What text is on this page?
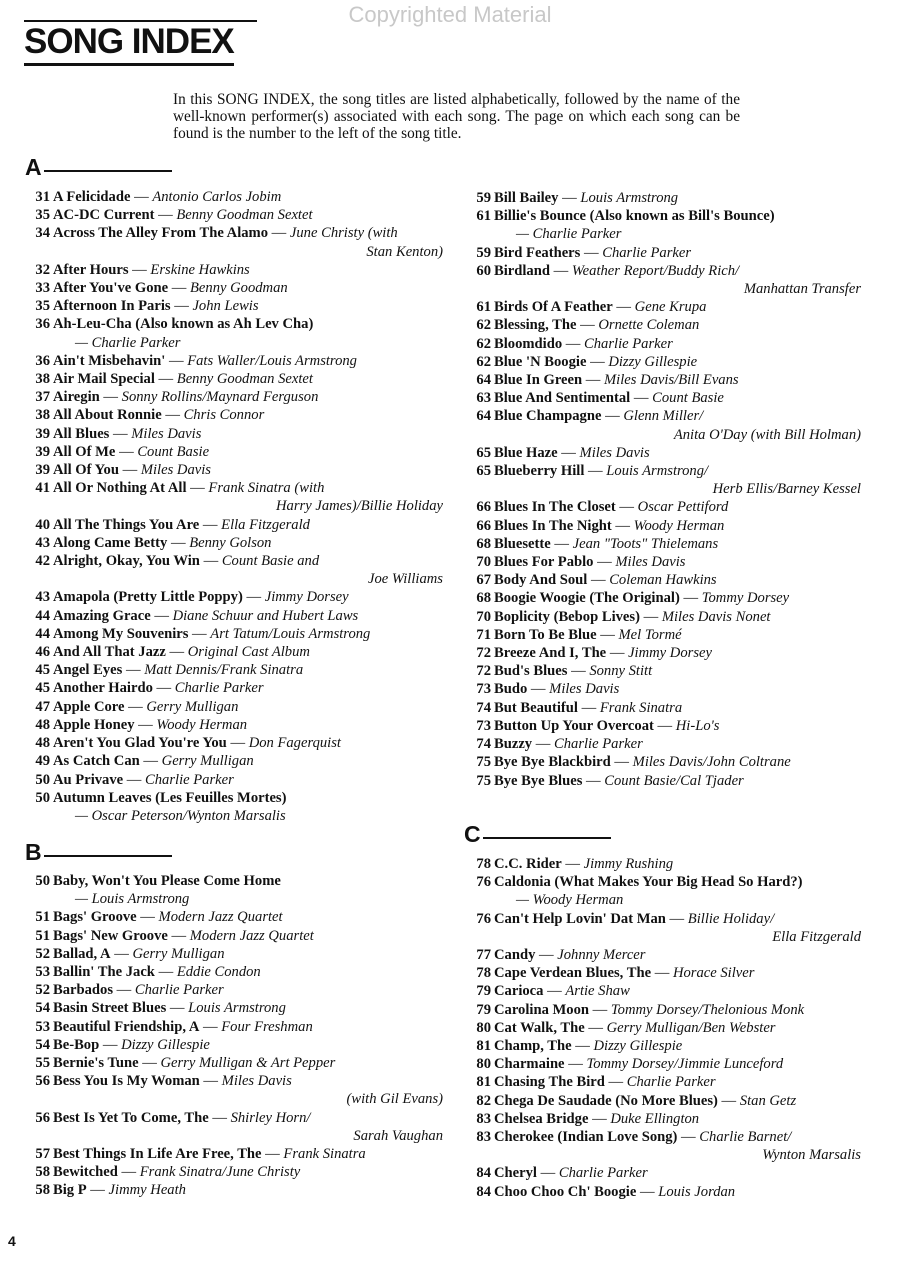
Copyrighted Material
SONG INDEX
In this SONG INDEX, the song titles are listed alphabetically, followed by the name of the well-known performer(s) associated with each song. The page on which each song can be found is the number to the left of the song title.
A
31 A Felicidade — Antonio Carlos Jobim
35 AC-DC Current — Benny Goodman Sextet
34 Across The Alley From The Alamo — June Christy (with
Stan Kenton)
32 After Hours — Erskine Hawkins
33 After You've Gone — Benny Goodman
35 Afternoon In Paris — John Lewis
36 Ah-Leu-Cha (Also known as Ah Lev Cha)
— Charlie Parker
36 Ain't Misbehavin' — Fats Waller/Louis Armstrong
38 Air Mail Special — Benny Goodman Sextet
37 Airegin — Sonny Rollins/Maynard Ferguson
38 All About Ronnie — Chris Connor
39 All Blues — Miles Davis
39 All Of Me — Count Basie
39 All Of You — Miles Davis
41 All Or Nothing At All — Frank Sinatra (with
Harry James)/Billie Holiday
40 All The Things You Are — Ella Fitzgerald
43 Along Came Betty — Benny Golson
42 Alright, Okay, You Win — Count Basie and
Joe Williams
43 Amapola (Pretty Little Poppy) — Jimmy Dorsey
44 Amazing Grace — Diane Schuur and Hubert Laws
44 Among My Souvenirs — Art Tatum/Louis Armstrong
46 And All That Jazz — Original Cast Album
45 Angel Eyes — Matt Dennis/Frank Sinatra
45 Another Hairdo — Charlie Parker
47 Apple Core — Gerry Mulligan
48 Apple Honey — Woody Herman
48 Aren't You Glad You're You — Don Fagerquist
49 As Catch Can — Gerry Mulligan
50 Au Privave — Charlie Parker
50 Autumn Leaves (Les Feuilles Mortes)
— Oscar Peterson/Wynton Marsalis
B
50 Baby, Won't You Please Come Home
— Louis Armstrong
51 Bags' Groove — Modern Jazz Quartet
51 Bags' New Groove — Modern Jazz Quartet
52 Ballad, A — Gerry Mulligan
53 Ballin' The Jack — Eddie Condon
52 Barbados — Charlie Parker
54 Basin Street Blues — Louis Armstrong
53 Beautiful Friendship, A — Four Freshman
54 Be-Bop — Dizzy Gillespie
55 Bernie's Tune — Gerry Mulligan & Art Pepper
56 Bess You Is My Woman — Miles Davis
(with Gil Evans)
56 Best Is Yet To Come, The — Shirley Horn/
Sarah Vaughan
57 Best Things In Life Are Free, The — Frank Sinatra
58 Bewitched — Frank Sinatra/June Christy
58 Big P — Jimmy Heath
59 Bill Bailey — Louis Armstrong
61 Billie's Bounce (Also known as Bill's Bounce)
— Charlie Parker
59 Bird Feathers — Charlie Parker
60 Birdland — Weather Report/Buddy Rich/
Manhattan Transfer
61 Birds Of A Feather — Gene Krupa
62 Blessing, The — Ornette Coleman
62 Bloomdido — Charlie Parker
62 Blue 'N Boogie — Dizzy Gillespie
64 Blue In Green — Miles Davis/Bill Evans
63 Blue And Sentimental — Count Basie
64 Blue Champagne — Glenn Miller/
Anita O'Day (with Bill Holman)
65 Blue Haze — Miles Davis
65 Blueberry Hill — Louis Armstrong/
Herb Ellis/Barney Kessel
66 Blues In The Closet — Oscar Pettiford
66 Blues In The Night — Woody Herman
68 Bluesette — Jean "Toots" Thielemans
70 Blues For Pablo — Miles Davis
67 Body And Soul — Coleman Hawkins
68 Boogie Woogie (The Original) — Tommy Dorsey
70 Boplicity (Bebop Lives) — Miles Davis Nonet
71 Born To Be Blue — Mel Tormé
72 Breeze And I, The — Jimmy Dorsey
72 Bud's Blues — Sonny Stitt
73 Budo — Miles Davis
74 But Beautiful — Frank Sinatra
73 Button Up Your Overcoat — Hi-Lo's
74 Buzzy — Charlie Parker
75 Bye Bye Blackbird — Miles Davis/John Coltrane
75 Bye Bye Blues — Count Basie/Cal Tjader
C
78 C.C. Rider — Jimmy Rushing
76 Caldonia (What Makes Your Big Head So Hard?)
— Woody Herman
76 Can't Help Lovin' Dat Man — Billie Holiday/
Ella Fitzgerald
77 Candy — Johnny Mercer
78 Cape Verdean Blues, The — Horace Silver
79 Carioca — Artie Shaw
79 Carolina Moon — Tommy Dorsey/Thelonious Monk
80 Cat Walk, The — Gerry Mulligan/Ben Webster
81 Champ, The — Dizzy Gillespie
80 Charmaine — Tommy Dorsey/Jimmie Lunceford
81 Chasing The Bird — Charlie Parker
82 Chega De Saudade (No More Blues) — Stan Getz
83 Chelsea Bridge — Duke Ellington
83 Cherokee (Indian Love Song) — Charlie Barnet/
Wynton Marsalis
84 Cheryl — Charlie Parker
84 Choo Choo Ch' Boogie — Louis Jordan
4
